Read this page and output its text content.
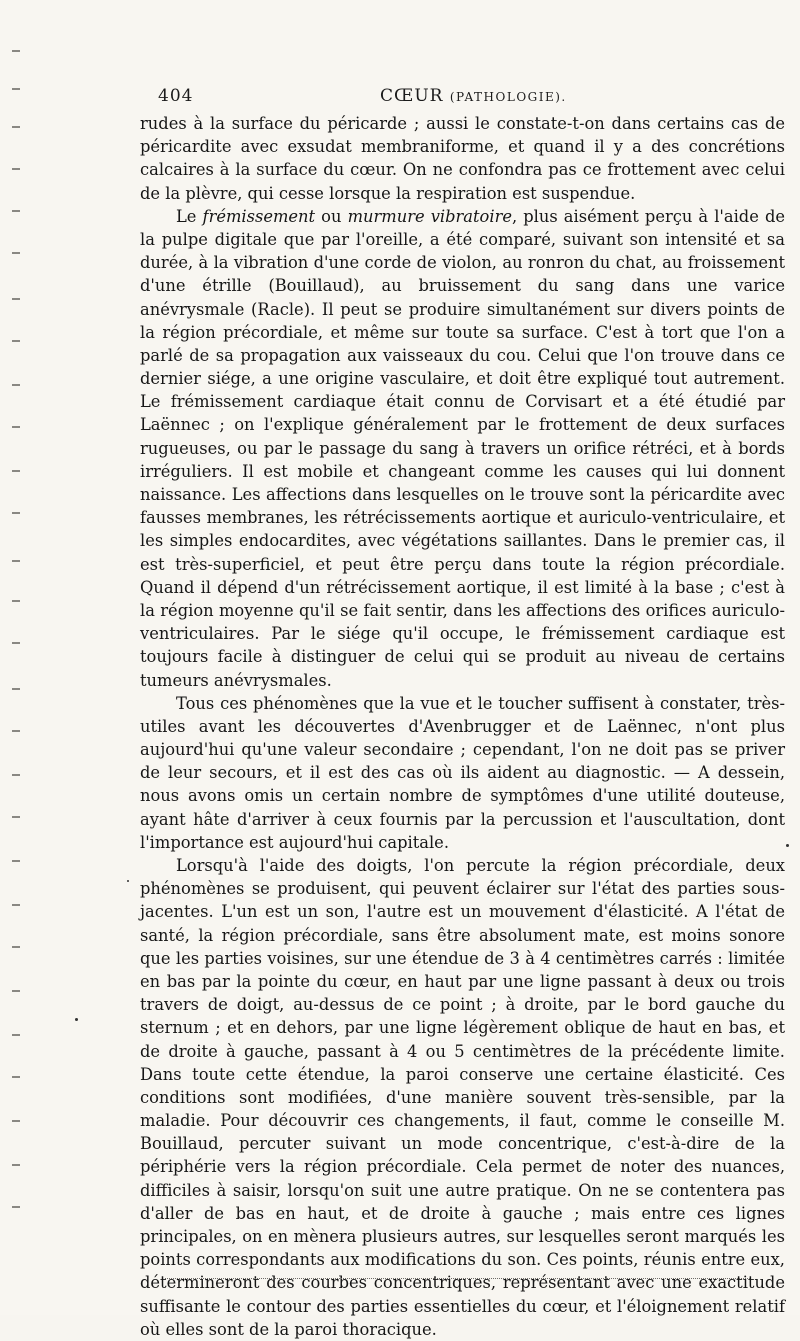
404	CŒUR (PATHOLOGIE).

rudes à la surface du péricarde ; aussi le constate-t-on dans certains cas de péricardite avec exsudat membraniforme, et quand il y a des concrétions calcaires à la surface du cœur. On ne confondra pas ce frottement avec celui de la plèvre, qui cesse lorsque la respiration est suspendue.

Le frémissement ou murmure vibratoire, plus aisément perçu à l'aide de la pulpe digitale que par l'oreille, a été comparé, suivant son intensité et sa durée, à la vibration d'une corde de violon, au ronron du chat, au froissement d'une étrille (Bouillaud), au bruissement du sang dans une varice anévrysmale (Racle). Il peut se produire simultanément sur divers points de la région précordiale, et même sur toute sa surface. C'est à tort que l'on a parlé de sa propagation aux vaisseaux du cou. Celui que l'on trouve dans ce dernier siége, a une origine vasculaire, et doit être expliqué tout autrement. Le frémissement cardiaque était connu de Corvisart et a été étudié par Laënnec ; on l'explique généralement par le frottement de deux surfaces rugueuses, ou par le passage du sang à travers un orifice rétréci, et à bords irréguliers. Il est mobile et changeant comme les causes qui lui donnent naissance. Les affections dans lesquelles on le trouve sont la péricardite avec fausses membranes, les rétrécissements aortique et auriculo-ventriculaire, et les simples endocardites, avec végétations saillantes. Dans le premier cas, il est très-superficiel, et peut être perçu dans toute la région précordiale. Quand il dépend d'un rétrécissement aortique, il est limité à la base ; c'est à la région moyenne qu'il se fait sentir, dans les affections des orifices auriculo-ventriculaires. Par le siége qu'il occupe, le frémissement cardiaque est toujours facile à distinguer de celui qui se produit au niveau de certains tumeurs anévrysmales.

Tous ces phénomènes que la vue et le toucher suffisent à constater, très-utiles avant les découvertes d'Avenbrugger et de Laënnec, n'ont plus aujourd'hui qu'une valeur secondaire ; cependant, l'on ne doit pas se priver de leur secours, et il est des cas où ils aident au diagnostic. — A dessein, nous avons omis un certain nombre de symptômes d'une utilité douteuse, ayant hâte d'arriver à ceux fournis par la percussion et l'auscultation, dont l'importance est aujourd'hui capitale.

Lorsqu'à l'aide des doigts, l'on percute la région précordiale, deux phénomènes se produisent, qui peuvent éclairer sur l'état des parties sous-jacentes. L'un est un son, l'autre est un mouvement d'élasticité. A l'état de santé, la région précordiale, sans être absolument mate, est moins sonore que les parties voisines, sur une étendue de 3 à 4 centimètres carrés : limitée en bas par la pointe du cœur, en haut par une ligne passant à deux ou trois travers de doigt, au-dessus de ce point ; à droite, par le bord gauche du sternum ; et en dehors, par une ligne légèrement oblique de haut en bas, et de droite à gauche, passant à 4 ou 5 centimètres de la précédente limite. Dans toute cette étendue, la paroi conserve une certaine élasticité. Ces conditions sont modifiées, d'une manière souvent très-sensible, par la maladie. Pour découvrir ces changements, il faut, comme le conseille M. Bouillaud, percuter suivant un mode concentrique, c'est-à-dire de la périphérie vers la région précordiale. Cela permet de noter des nuances, difficiles à saisir, lorsqu'on suit une autre pratique. On ne se contentera pas d'aller de bas en haut, et de droite à gauche ; mais entre ces lignes principales, on en mènera plusieurs autres, sur lesquelles seront marqués les points correspondants aux modifications du son. Ces points, réunis entre eux, détermineront des courbes concentriques, représentant avec une exactitude suffisante le contour des parties essentielles du cœur, et l'éloignement relatif où elles sont de la paroi thoracique.
